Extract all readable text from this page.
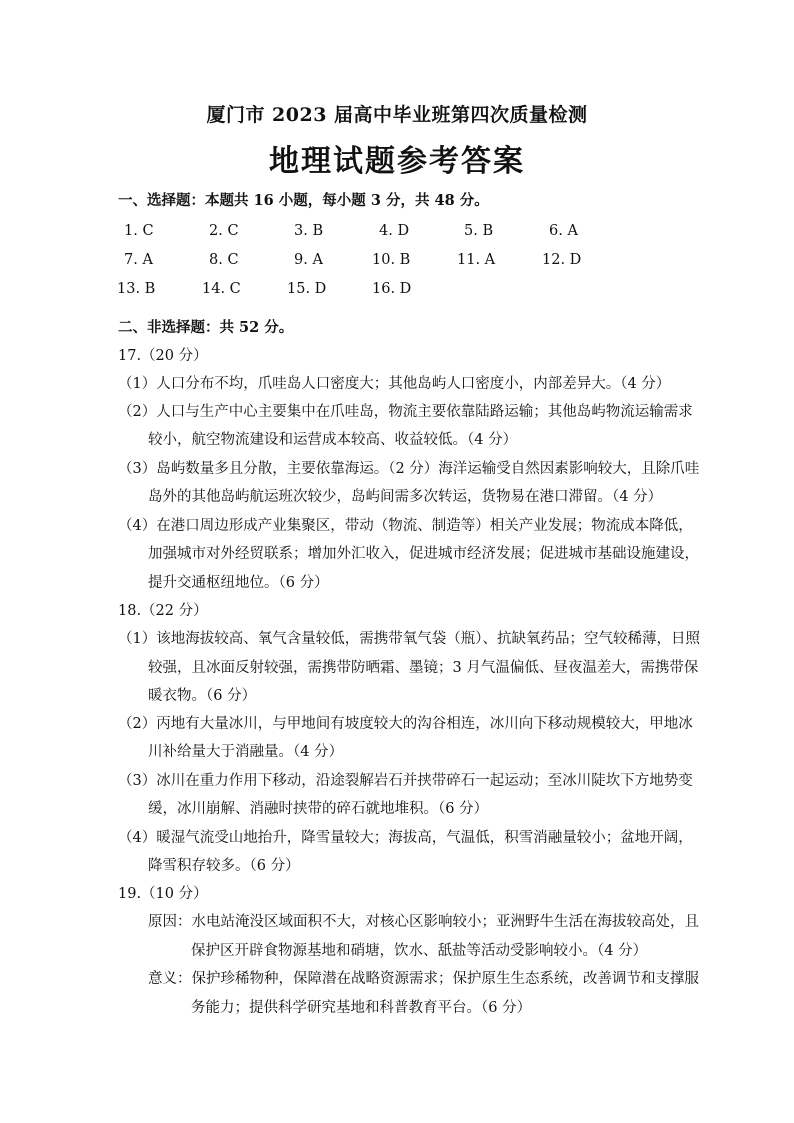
厦门市 2023 届高中毕业班第四次质量检测
地理试题参考答案
一、选择题：本题共 16 小题，每小题 3 分，共 48 分。
1. C	2. C	3. B	4. D	5. B	6. A
7. A	8. C	9. A	10. B	11. A	12. D
13. B	14. C	15. D	16. D
二、非选择题：共 52 分。
17.（20 分）
（1）人口分布不均，爪哇岛人口密度大；其他岛屿人口密度小，内部差异大。（4 分）
（2）人口与生产中心主要集中在爪哇岛，物流主要依靠陆路运输；其他岛屿物流运输需求
较小，航空物流建设和运营成本较高、收益较低。（4 分）
（3）岛屿数量多且分散，主要依靠海运。（2 分）海洋运输受自然因素影响较大，且除爪哇
岛外的其他岛屿航运班次较少，岛屿间需多次转运，货物易在港口滞留。（4 分）
（4）在港口周边形成产业集聚区，带动（物流、制造等）相关产业发展；物流成本降低，
加强城市对外经贸联系；增加外汇收入，促进城市经济发展；促进城市基础设施建设，
提升交通枢纽地位。（6 分）
18.（22 分）
（1）该地海拔较高、氧气含量较低，需携带氧气袋（瓶）、抗缺氧药品；空气较稀薄，日照
较强，且冰面反射较强，需携带防晒霜、墨镜；3 月气温偏低、昼夜温差大，需携带保
暖衣物。（6 分）
（2）丙地有大量冰川，与甲地间有坡度较大的沟谷相连，冰川向下移动规模较大，甲地冰
川补给量大于消融量。（4 分）
（3）冰川在重力作用下移动，沿途裂解岩石并挟带碎石一起运动；至冰川陡坎下方地势变
缓，冰川崩解、消融时挟带的碎石就地堆积。（6 分）
（4）暖湿气流受山地抬升，降雪量较大；海拔高，气温低，积雪消融量较小；盆地开阔，
降雪积存较多。（6 分）
19.（10 分）
原因：水电站淹没区域面积不大，对核心区影响较小；亚洲野牛生活在海拔较高处，且
保护区开辟食物源基地和硝塘，饮水、舐盐等活动受影响较小。（4 分）
意义：保护珍稀物种，保障潜在战略资源需求；保护原生生态系统，改善调节和支撑服
务能力；提供科学研究基地和科普教育平台。（6 分）
